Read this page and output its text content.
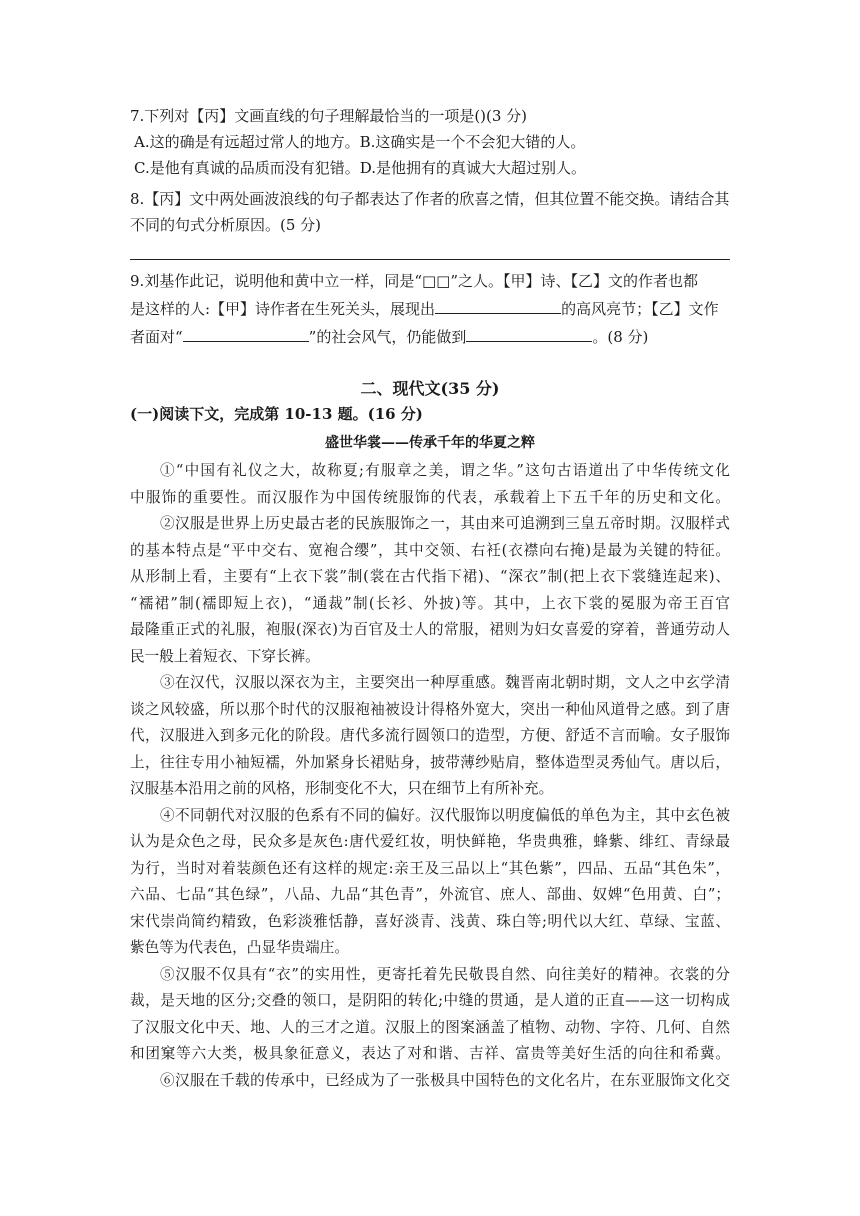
7.下列对【丙】文画直线的句子理解最恰当的一项是()(3 分)
A.这的确是有远超过常人的地方。B.这确实是一个不会犯大错的人。
C.是他有真诚的品质而没有犯错。D.是他拥有的真诚大大超过别人。
8.【丙】文中两处画波浪线的句子都表达了作者的欣喜之情，但其位置不能交换。请结合其
不同的句式分析原因。(5 分)
9.刘基作此记，说明他和黄中立一样，同是“□□”之人。【甲】诗、【乙】文的作者也都
是这样的人:【甲】诗作者在生死关头，展现出	的高风亮节；【乙】文作
者面对“	”的社会风气，仍能做到	。(8 分)
二、现代文(35 分)
(一)阅读下文，完成第 10-13 题。(16 分)
盛世华裳——传承千年的华夏之粹
①“中国有礼仪之大，故称夏;有服章之美，谓之华。”这句古语道出了中华传统文化
中服饰的重要性。而汉服作为中国传统服饰的代表，承载着上下五千年的历史和文化。
②汉服是世界上历史最古老的民族服饰之一，其由来可追溯到三皇五帝时期。汉服样式
的基本特点是“平中交右、宽袍合缨”，其中交领、右衽(衣襟向右掩)是最为关键的特征。
从形制上看，主要有“上衣下裳”制(裳在古代指下裙)、“深衣”制(把上衣下裳缝连起来)、
“襦裙”制(襦即短上衣)，“通裁”制(长衫、外披)等。其中，上衣下裳的冕服为帝王百官
最隆重正式的礼服，袍服(深衣)为百官及士人的常服，裙则为妇女喜爱的穿着，普通劳动人
民一般上着短衣、下穿长裤。
③在汉代，汉服以深衣为主，主要突出一种厚重感。魏晋南北朝时期，文人之中玄学清
谈之风较盛，所以那个时代的汉服袍袖被设计得格外宽大，突出一种仙风道骨之感。到了唐
代，汉服进入到多元化的阶段。唐代多流行圆领口的造型，方便、舒适不言而喻。女子服饰
上，往往专用小袖短襦，外加紧身长裙贴身，披带薄纱贴肩，整体造型灵秀仙气。唐以后，
汉服基本沿用之前的风格，形制变化不大，只在细节上有所补充。
④不同朝代对汉服的色系有不同的偏好。汉代服饰以明度偏低的单色为主，其中玄色被
认为是众色之母，民众多是灰色:唐代爱红妆，明快鲜艳，华贵典雅，蜂紫、绯红、青绿最
为行，当时对着装颜色还有这样的规定:亲王及三品以上“其色紫”，四品、五品“其色朱”，
六品、七品“其色绿”，八品、九品“其色青”，外流官、庶人、部曲、奴婢“色用黄、白”；
宋代崇尚简约精致，色彩淡雅恬静，喜好淡青、浅黄、珠白等;明代以大红、草绿、宝蓝、
紫色等为代表色，凸显华贵端庄。
⑤汉服不仅具有“衣”的实用性，更寄托着先民敬畏自然、向往美好的精神。衣裳的分
裁，是天地的区分;交叠的领口，是阴阳的转化;中缝的贯通，是人道的正直——这一切构成
了汉服文化中天、地、人的三才之道。汉服上的图案涵盖了植物、动物、字符、几何、自然
和团窠等六大类，极具象征意义，表达了对和谐、吉祥、富贵等美好生活的向往和希冀。
⑥汉服在千载的传承中，已经成为了一张极具中国特色的文化名片，在东亚服饰文化交
